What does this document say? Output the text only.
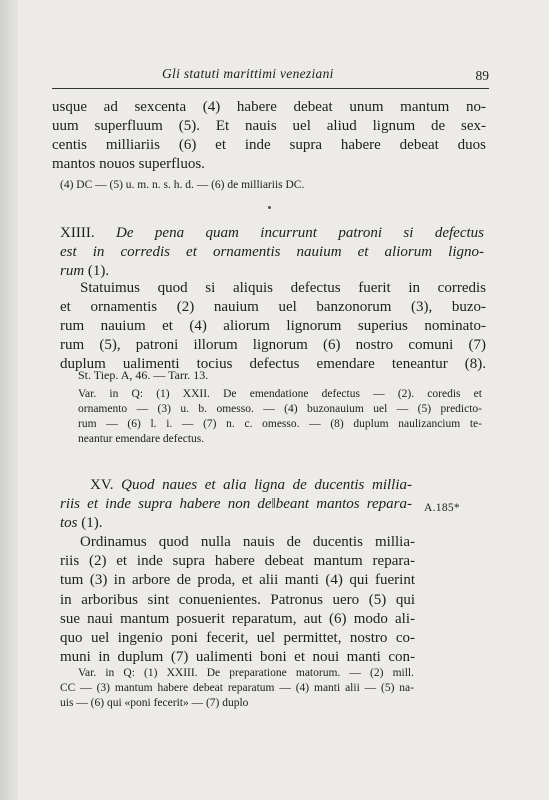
Gli statuti marittimi veneziani	89
usque ad sexcenta (4) habere debeat unum mantum no-
uum superfluum (5). Et nauis uel aliud lignum de sex-
centis milliariis (6) et inde supra habere debeat duos
mantos nouos superfluos.
(4) DC — (5) u. m. n. s. h. d. — (6) de milliariis DC.
XIIII. De pena quam incurrunt patroni si defectus
est in corredis et ornamentis nauium et aliorum ligno-
rum (1).
Statuimus quod si aliquis defectus fuerit in corredis
et ornamentis (2) nauium uel banzonorum (3), buzo-
rum nauium et (4) aliorum lignorum superius nominato-
rum (5), patroni illorum lignorum (6) nostro comuni (7)
duplum ualimenti tocius defectus emendare teneantur (8).
St. Tiep. A, 46. — Tarr. 13.
Var. in Q: (1) XXII. De emendatione defectus — (2). coredis et
ornamento — (3) u. b. omesso. — (4) buzonauium uel — (5) predicto-
rum — (6) l. i. — (7) n. c. omesso. — (8) duplum naulizancium te-
neantur emendare defectus.
XV. Quod naues et alia ligna de ducentis millia-
riis et inde supra habere non de‖beant mantos repara-
tos (1).
A.185*
Ordinamus quod nulla nauis de ducentis millia-
riis (2) et inde supra habere debeat mantum repara-
tum (3) in arbore de proda, et alii manti (4) qui fuerint
in arboribus sint conuenientes. Patronus uero (5) qui
sue naui mantum posuerit reparatum, aut (6) modo ali-
quo uel ingenio poni fecerit, uel permittet, nostro co-
muni in duplum (7) ualimenti boni et noui manti con-
Var. in Q: (1) XXIII. De preparatione matorum. — (2) mill.
CC — (3) mantum habere debeat reparatum — (4) manti alii — (5) na-
uis — (6) qui «poni fecerit» — (7) duplo
